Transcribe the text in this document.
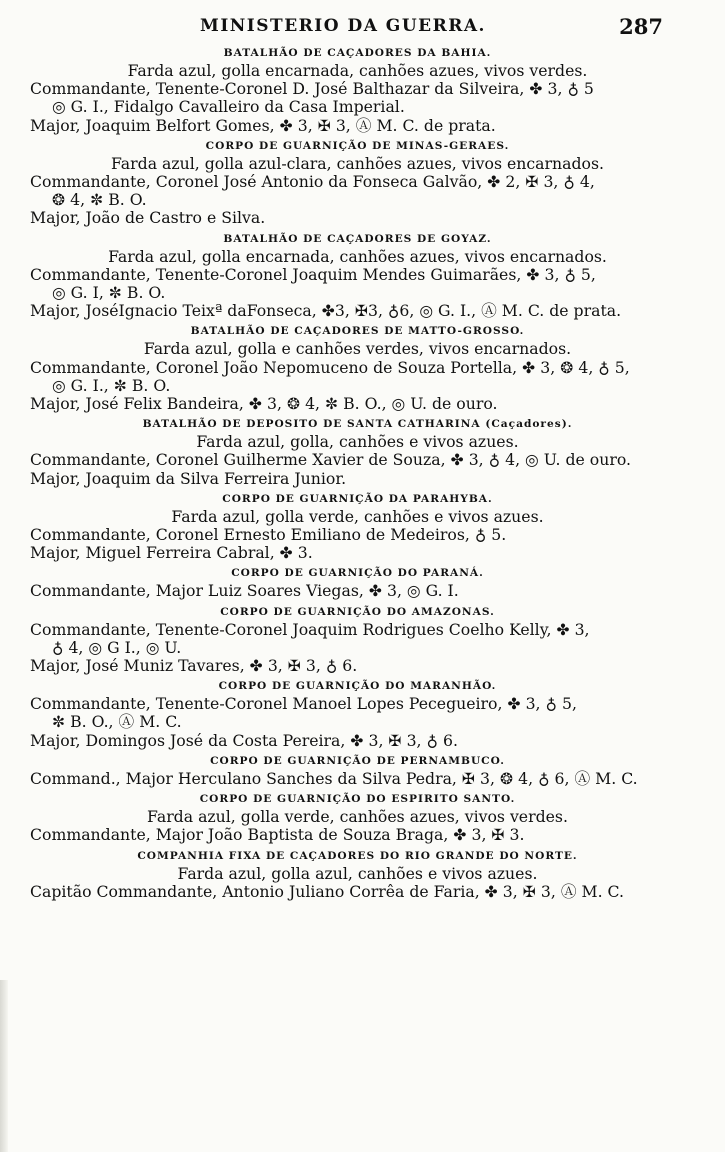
MINISTERIO DA GUERRA.	287
BATALHÃO DE CAÇADORES DA BAHIA.
Farda azul, golla encarnada, canhões azues, vivos verdes.
Commandante, Tenente-Coronel D. José Balthazar da Silveira, ✤ 3, ♁ 5
◎ G. I., Fidalgo Cavalleiro da Casa Imperial.
Major, Joaquim Belfort Gomes, ✤ 3, ✠ 3, Ⓐ M. C. de prata.
CORPO DE GUARNIÇÃO DE MINAS-GERAES.
Farda azul, golla azul-clara, canhões azues, vivos encarnados.
Commandante, Coronel José Antonio da Fonseca Galvão, ✤ 2, ✠ 3, ♁ 4,
❂ 4, ✼ B. O.
Major, João de Castro e Silva.
BATALHÃO DE CAÇADORES DE GOYAZ.
Farda azul, golla encarnada, canhões azues, vivos encarnados.
Commandante, Tenente-Coronel Joaquim Mendes Guimarães, ✤ 3, ♁ 5,
◎ G. I, ✼ B. O.
Major, JoséIgnacio Teixª daFonseca, ✤3, ✠3, ♁6, ◎ G. I., Ⓐ M. C. de prata.
BATALHÃO DE CAÇADORES DE MATTO-GROSSO.
Farda azul, golla e canhões verdes, vivos encarnados.
Commandante, Coronel João Nepomuceno de Souza Portella, ✤ 3, ❂ 4, ♁ 5,
◎ G. I., ✼ B. O.
Major, José Felix Bandeira, ✤ 3, ❂ 4, ✼ B. O., ◎ U. de ouro.
BATALHÃO DE DEPOSITO DE SANTA CATHARINA (Caçadores).
Farda azul, golla, canhões e vivos azues.
Commandante, Coronel Guilherme Xavier de Souza, ✤ 3, ♁ 4, ◎ U. de ouro.
Major, Joaquim da Silva Ferreira Junior.
CORPO DE GUARNIÇÃO DA PARAHYBA.
Farda azul, golla verde, canhões e vivos azues.
Commandante, Coronel Ernesto Emiliano de Medeiros, ♁ 5.
Major, Miguel Ferreira Cabral, ✤ 3.
CORPO DE GUARNIÇÃO DO PARANÁ.
Commandante, Major Luiz Soares Viegas, ✤ 3, ◎ G. I.
CORPO DE GUARNIÇÃO DO AMAZONAS.
Commandante, Tenente-Coronel Joaquim Rodrigues Coelho Kelly, ✤ 3,
♁ 4, ◎ G I., ◎ U.
Major, José Muniz Tavares, ✤ 3, ✠ 3, ♁ 6.
CORPO DE GUARNIÇÃO DO MARANHÃO.
Commandante, Tenente-Coronel Manoel Lopes Pecegueiro, ✤ 3, ♁ 5,
✼ B. O., Ⓐ M. C.
Major, Domingos José da Costa Pereira, ✤ 3, ✠ 3, ♁ 6.
CORPO DE GUARNIÇÃO DE PERNAMBUCO.
Command., Major Herculano Sanches da Silva Pedra, ✠ 3, ❂ 4, ♁ 6, Ⓐ M. C.
CORPO DE GUARNIÇÃO DO ESPIRITO SANTO.
Farda azul, golla verde, canhões azues, vivos verdes.
Commandante, Major João Baptista de Souza Braga, ✤ 3, ✠ 3.
COMPANHIA FIXA DE CAÇADORES DO RIO GRANDE DO NORTE.
Farda azul, golla azul, canhões e vivos azues.
Capitão Commandante, Antonio Juliano Corrêa de Faria, ✤ 3, ✠ 3, Ⓐ M. C.
